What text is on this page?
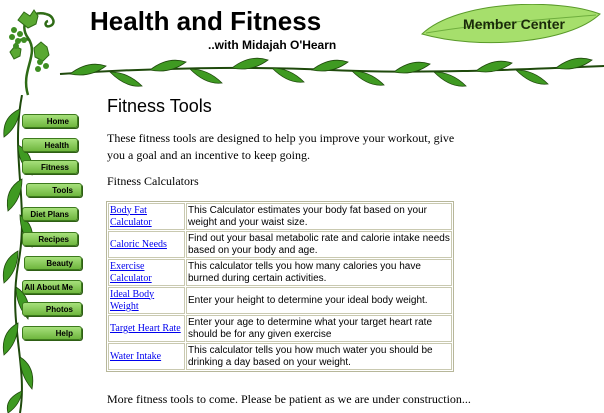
Health and Fitness
..with Midajah O'Hearn
Member Center
Home
Health
Fitness
Tools
Diet Plans
Recipes
Beauty
All About Me
Photos
Help
Fitness Tools

These fitness tools are designed to help you improve your workout, give you a goal and an incentive to keep going.

Fitness Calculators
Body Fat Calculator	This Calculator estimates your body fat based on your weight and your waist size.
Caloric Needs	Find out your basal metabolic rate and calorie intake needs based on your body and age.
Exercise Calculator	This calculator tells you how many calories you have burned during certain activities.
Ideal Body Weight	Enter your height to determine your ideal body weight.
Target Heart Rate	Enter your age to determine what your target heart rate should be for any given exercise
Water Intake	This calculator tells you how much water you should be drinking a day based on your weight.

More fitness tools to come. Please be patient as we are under construction...
